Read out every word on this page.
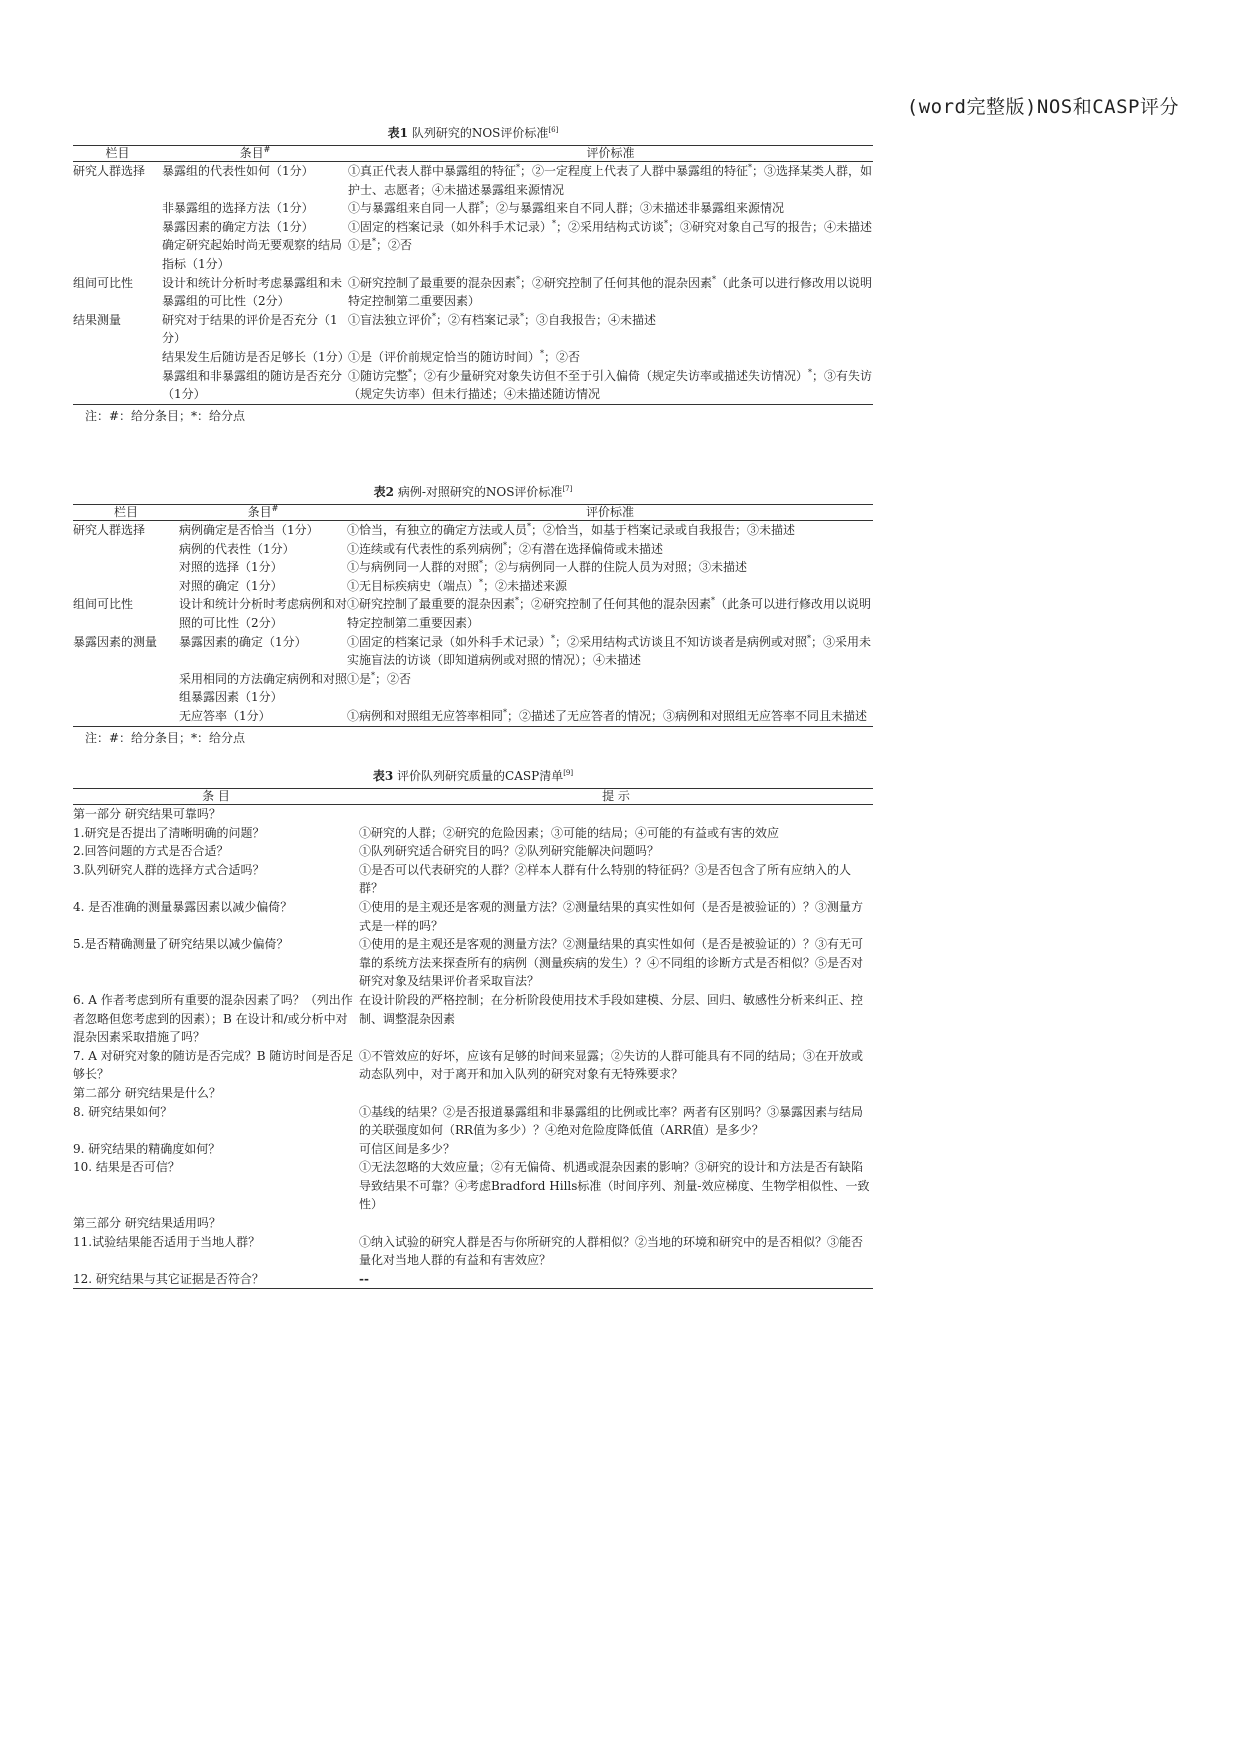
(word完整版)NOS和CASP评分
表1 队列研究的NOS评价标准[6]
栏目	条目#	评价标准
研究人群选择	暴露组的代表性如何（1分）	①真正代表人群中暴露组的特征*；②一定程度上代表了人群中暴露组的特征*；③选择某类人群，如护士、志愿者；④未描述暴露组来源情况
	非暴露组的选择方法（1分）	①与暴露组来自同一人群*；②与暴露组来自不同人群；③未描述非暴露组来源情况
	暴露因素的确定方法（1分）	①固定的档案记录（如外科手术记录）*；②采用结构式访谈*；③研究对象自己写的报告；④未描述
	确定研究起始时尚无要观察的结局指标（1分）	①是*；②否
组间可比性	设计和统计分析时考虑暴露组和未暴露组的可比性（2分）	①研究控制了最重要的混杂因素*；②研究控制了任何其他的混杂因素*（此条可以进行修改用以说明特定控制第二重要因素）
结果测量	研究对于结果的评价是否充分（1分）	①盲法独立评价*；②有档案记录*；③自我报告；④未描述
	结果发生后随访是否足够长（1分）	①是（评价前规定恰当的随访时间）*；②否
	暴露组和非暴露组的随访是否充分（1分）	①随访完整*；②有少量研究对象失访但不至于引入偏倚（规定失访率或描述失访情况）*；③有失访（规定失访率）但未行描述；④未描述随访情况
注：#：给分条目；*：给分点
表2 病例-对照研究的NOS评价标准[7]
栏目	条目#	评价标准
研究人群选择	病例确定是否恰当（1分）	①恰当，有独立的确定方法或人员*；②恰当，如基于档案记录或自我报告；③未描述
	病例的代表性（1分）	①连续或有代表性的系列病例*；②有潜在选择偏倚或未描述
	对照的选择（1分）	①与病例同一人群的对照*；②与病例同一人群的住院人员为对照；③未描述
	对照的确定（1分）	①无目标疾病史（端点）*；②未描述来源
组间可比性	设计和统计分析时考虑病例和对照的可比性（2分）	①研究控制了最重要的混杂因素*；②研究控制了任何其他的混杂因素*（此条可以进行修改用以说明特定控制第二重要因素）
暴露因素的测量	暴露因素的确定（1分）	①固定的档案记录（如外科手术记录）*；②采用结构式访谈且不知访谈者是病例或对照*；③采用未实施盲法的访谈（即知道病例或对照的情况）；④未描述
	采用相同的方法确定病例和对照组暴露因素（1分）	①是*；②否
	无应答率（1分）	①病例和对照组无应答率相同*；②描述了无应答者的情况；③病例和对照组无应答率不同且未描述
注：#：给分条目；*：给分点
表3 评价队列研究质量的CASP清单[9]
条 目	提 示
第一部分 研究结果可靠吗？	
1.研究是否提出了清晰明确的问题？	①研究的人群；②研究的危险因素；③可能的结局；④可能的有益或有害的效应
2.回答问题的方式是否合适？	①队列研究适合研究目的吗？②队列研究能解决问题吗？
3.队列研究人群的选择方式合适吗？	①是否可以代表研究的人群？②样本人群有什么特别的特征码？③是否包含了所有应纳入的人群？
4. 是否准确的测量暴露因素以减少偏倚？	①使用的是主观还是客观的测量方法？②测量结果的真实性如何（是否是被验证的）？③测量方式是一样的吗？
5.是否精确测量了研究结果以减少偏倚？	①使用的是主观还是客观的测量方法？②测量结果的真实性如何（是否是被验证的）？③有无可靠的系统方法来探查所有的病例（测量疾病的发生）？④不同组的诊断方式是否相似？⑤是否对研究对象及结果评价者采取盲法？
6. A 作者考虑到所有重要的混杂因素了吗？（列出作者忽略但您考虑到的因素）；B 在设计和/或分析中对混杂因素采取措施了吗？	在设计阶段的严格控制；在分析阶段使用技术手段如建模、分层、回归、敏感性分析来纠正、控制、调整混杂因素
7. A 对研究对象的随访是否完成？B 随访时间是否足够长？	①不管效应的好坏，应该有足够的时间来显露；②失访的人群可能具有不同的结局；③在开放或动态队列中，对于离开和加入队列的研究对象有无特殊要求？
第二部分 研究结果是什么？	
8. 研究结果如何？	①基线的结果？②是否报道暴露组和非暴露组的比例或比率？两者有区别吗？③暴露因素与结局的关联强度如何（RR值为多少）？④绝对危险度降低值（ARR值）是多少？
9. 研究结果的精确度如何？	可信区间是多少？
10. 结果是否可信？	①无法忽略的大效应量；②有无偏倚、机遇或混杂因素的影响？③研究的设计和方法是否有缺陷导致结果不可靠？④考虑Bradford Hills标准（时间序列、剂量-效应梯度、生物学相似性、一致性）
第三部分 研究结果适用吗？	
11.试验结果能否适用于当地人群？	①纳入试验的研究人群是否与你所研究的人群相似？②当地的环境和研究中的是否相似？③能否量化对当地人群的有益和有害效应？
12. 研究结果与其它证据是否符合？	--
